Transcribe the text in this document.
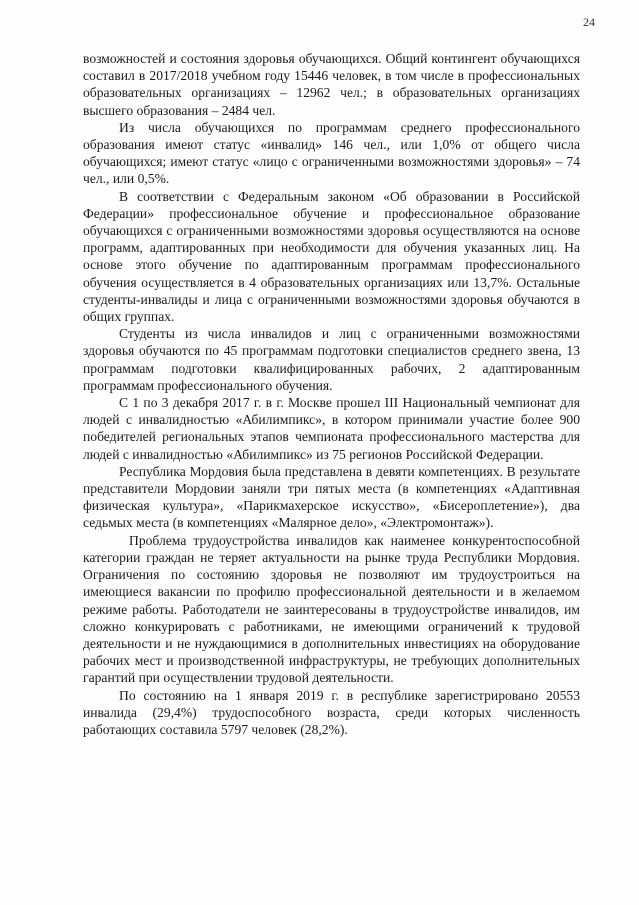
24

возможностей и состояния здоровья обучающихся. Общий контингент обучающихся составил в 2017/2018 учебном году 15446 человек, в том числе в профессиональных образовательных организациях – 12962 чел.; в образовательных организациях высшего образования – 2484 чел.

Из числа обучающихся по программам среднего профессионального образования имеют статус «инвалид» 146 чел., или 1,0% от общего числа обучающихся; имеют статус «лицо с ограниченными возможностями здоровья» – 74 чел., или 0,5%.

В соответствии с Федеральным законом «Об образовании в Российской Федерации» профессиональное обучение и профессиональное образование обучающихся с ограниченными возможностями здоровья осуществляются на основе программ, адаптированных при необходимости для обучения указанных лиц. На основе этого обучение по адаптированным программам профессионального обучения осуществляется в 4 образовательных организациях или 13,7%. Остальные студенты-инвалиды и лица с ограниченными возможностями здоровья обучаются в общих группах.

Студенты из числа инвалидов и лиц с ограниченными возможностями здоровья обучаются по 45 программам подготовки специалистов среднего звена, 13 программам подготовки квалифицированных рабочих, 2 адаптированным программам профессионального обучения.

С 1 по 3 декабря 2017 г. в г. Москве прошел III Национальный чемпионат для людей с инвалидностью «Абилимпикс», в котором принимали участие более 900 победителей региональных этапов чемпионата профессионального мастерства для людей с инвалидностью «Абилимпикс» из 75 регионов Российской Федерации.

Республика Мордовия была представлена в девяти компетенциях. В результате представители Мордовии заняли три пятых места (в компетенциях «Адаптивная физическая культура», «Парикмахерское искусство», «Бисероплетение»), два седьмых места (в компетенциях «Малярное дело», «Электромонтаж»).

Проблема трудоустройства инвалидов как наименее конкурентоспособной категории граждан не теряет актуальности на рынке труда Республики Мордовия. Ограничения по состоянию здоровья не позволяют им трудоустроиться на имеющиеся вакансии по профилю профессиональной деятельности и в желаемом режиме работы. Работодатели не заинтересованы в трудоустройстве инвалидов, им сложно конкурировать с работниками, не имеющими ограничений к трудовой деятельности и не нуждающимися в дополнительных инвестициях на оборудование рабочих мест и производственной инфраструктуры, не требующих дополнительных гарантий при осуществлении трудовой деятельности.

По состоянию на 1 января 2019 г. в республике зарегистрировано 20553 инвалида (29,4%) трудоспособного возраста, среди которых численность работающих составила 5797 человек (28,2%).
